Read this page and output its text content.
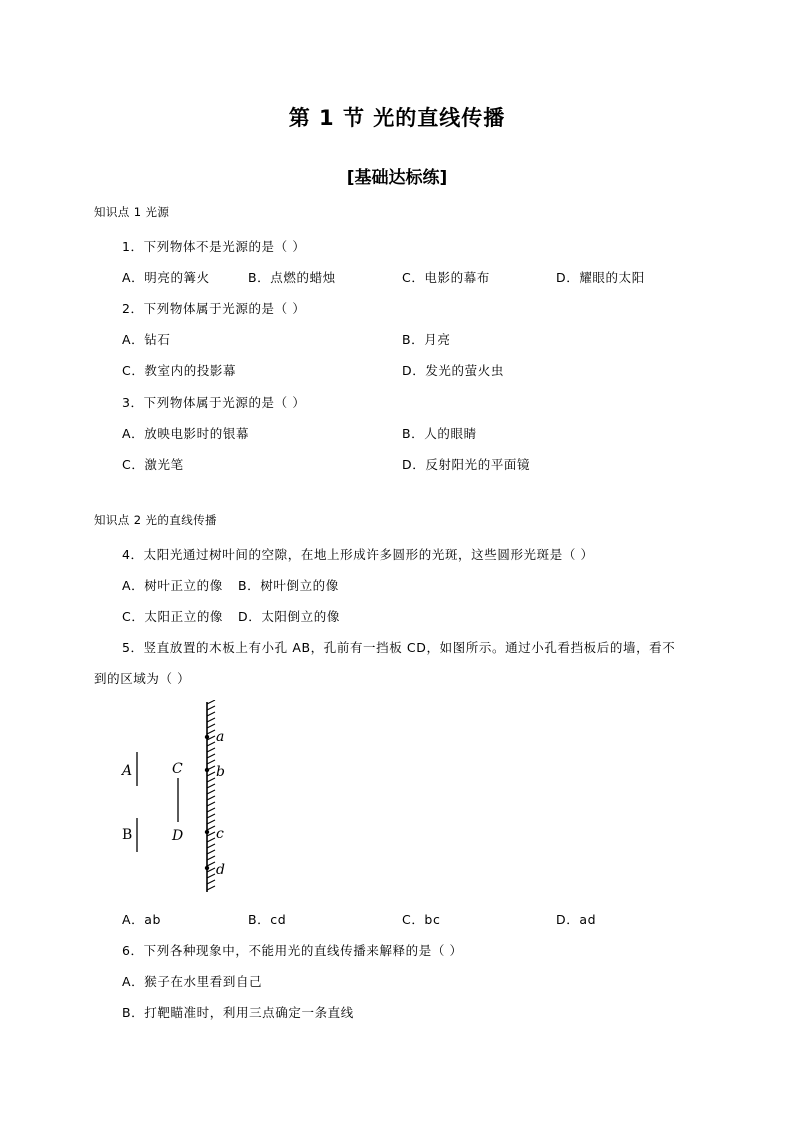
第 1 节 光的直线传播
[基础达标练]
知识点 1 光源
1．下列物体不是光源的是（ ）
A．明亮的篝火	B．点燃的蜡烛	C．电影的幕布	D．耀眼的太阳
2．下列物体属于光源的是（ ）
A．钻石	B．月亮
C．教室内的投影幕	D．发光的萤火虫
3．下列物体属于光源的是（ ）
A．放映电影时的银幕	B．人的眼睛
C．激光笔	D．反射阳光的平面镜
知识点 2 光的直线传播
4．太阳光通过树叶间的空隙，在地上形成许多圆形的光斑，这些圆形光斑是（ ）
A．树叶正立的像 B．树叶倒立的像
C．太阳正立的像 D．太阳倒立的像
5．竖直放置的木板上有小孔 AB，孔前有一挡板 CD，如图所示。通过小孔看挡板后的墙，看不
到的区域为（ ）
A
B
C
D
a
b
c
d
A．ab	B．cd	C．bc	D．ad
6．下列各种现象中，不能用光的直线传播来解释的是（ ）
A．猴子在水里看到自己
B．打靶瞄准时，利用三点确定一条直线
